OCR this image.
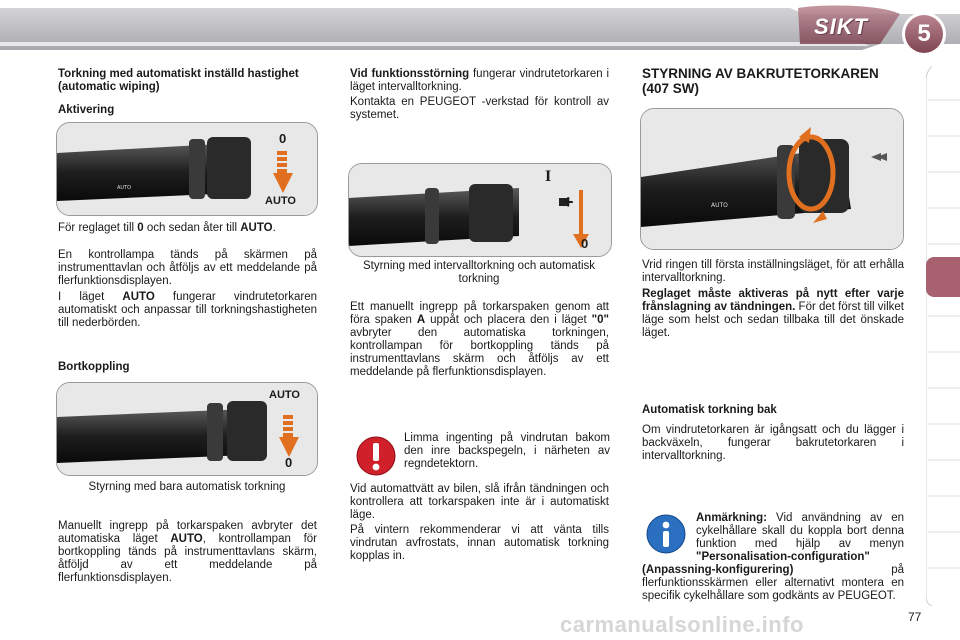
SIKT	5
Torkning med automatiskt inställd hastighet (automatic wiping)
Aktivering
AUTO
0
AUTO
För reglaget till 0 och sedan åter till AUTO.
En kontrollampa tänds på skärmen på instrumenttavlan och åtföljs av ett meddelande på flerfunktionsdisplayen.
I läget AUTO fungerar vindrutetorkaren automatiskt och anpassar till torkningshastigheten till nederbörden.
Bortkoppling
AUTO
0
Styrning med bara automatisk torkning
Manuellt ingrepp på torkarspaken avbryter det automatiska läget AUTO, kontrollampan för bortkoppling tänds på instrumenttavlans skärm, åtföljd av ett meddelande på flerfunktionsdisplayen.
Vid funktionsstörning fungerar vindrutetorkaren i läget intervalltorkning.
Kontakta en PEUGEOT -verkstad för kontroll av systemet.
I
+
0
Styrning med intervalltorkning och automatisk torkning
Ett manuellt ingrepp på torkarspaken genom att föra spaken A uppåt och placera den i läget "0" avbryter den automatiska torkningen, kontrollampan för bortkoppling tänds på instrumenttavlans skärm och åtföljs av ett meddelande på flerfunktionsdisplayen.
Limma ingenting på vindrutan bakom den inre backspegeln, i närheten av regndetektorn.
Vid automattvätt av bilen, slå ifrån tändningen och kontrollera att torkarspaken inte är i automatiskt läge.
På vintern rekommenderar vi att vänta tills vindrutan avfrostats, innan automatisk torkning kopplas in.
STYRNING AV BAKRUTETORKAREN (407 SW)
AUTO
Vrid ringen till första inställningsläget, för att erhålla intervalltorkning.
Reglaget måste aktiveras på nytt efter varje frånslagning av tändningen. För det först till vilket läge som helst och sedan tillbaka till det önskade läget.
Automatisk torkning bak
Om vindrutetorkaren är igångsatt och du lägger i backväxeln, fungerar bakrutetorkaren i intervalltorkning.
Anmärkning: Vid användning av en cykelhållare skall du koppla bort denna funktion med hjälp av menyn "Personalisation-configuration" (Anpassning-konfigurering) på flerfunktionsskärmen eller alternativt montera en specifik cykelhållare som godkänts av PEUGEOT.
carmanualsonline.info	77
